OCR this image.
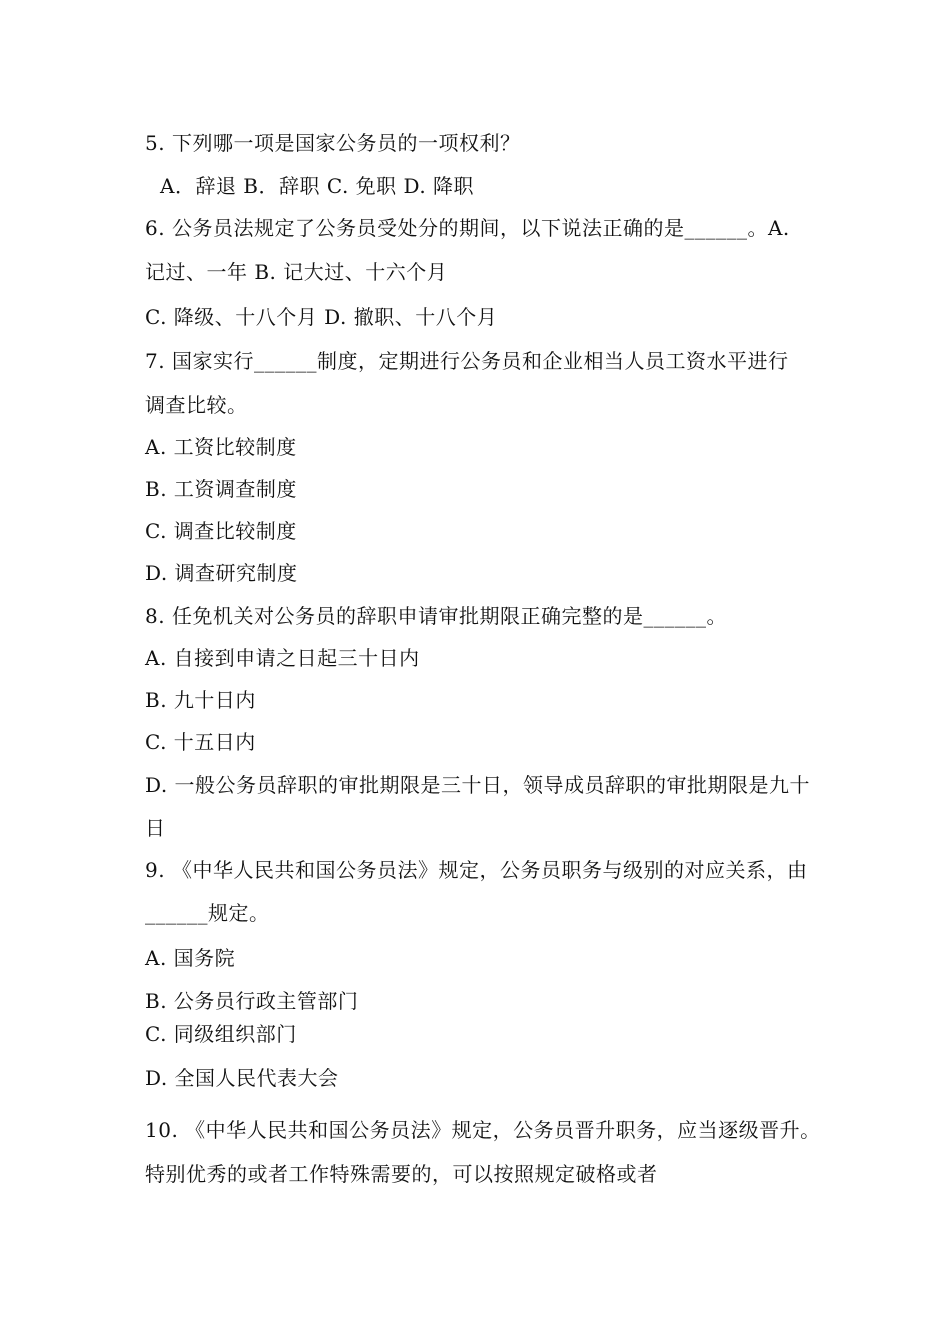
5. 下列哪一项是国家公务员的一项权利？
A．辞退 B．辞职 C. 免职 D. 降职
6. 公务员法规定了公务员受处分的期间，以下说法正确的是______。A.
记过、一年 B. 记大过、十六个月
C. 降级、十八个月 D. 撤职、十八个月
7. 国家实行______制度，定期进行公务员和企业相当人员工资水平进行
调查比较。
A. 工资比较制度
B. 工资调查制度
C. 调查比较制度
D. 调查研究制度
8. 任免机关对公务员的辞职申请审批期限正确完整的是______。
A. 自接到申请之日起三十日内
B. 九十日内
C. 十五日内
D. 一般公务员辞职的审批期限是三十日，领导成员辞职的审批期限是九十
日
9. 《中华人民共和国公务员法》规定，公务员职务与级别的对应关系，由
______规定。
A. 国务院
B. 公务员行政主管部门
C. 同级组织部门
D. 全国人民代表大会
10. 《中华人民共和国公务员法》规定，公务员晋升职务，应当逐级晋升。
特别优秀的或者工作特殊需要的，可以按照规定破格或者
